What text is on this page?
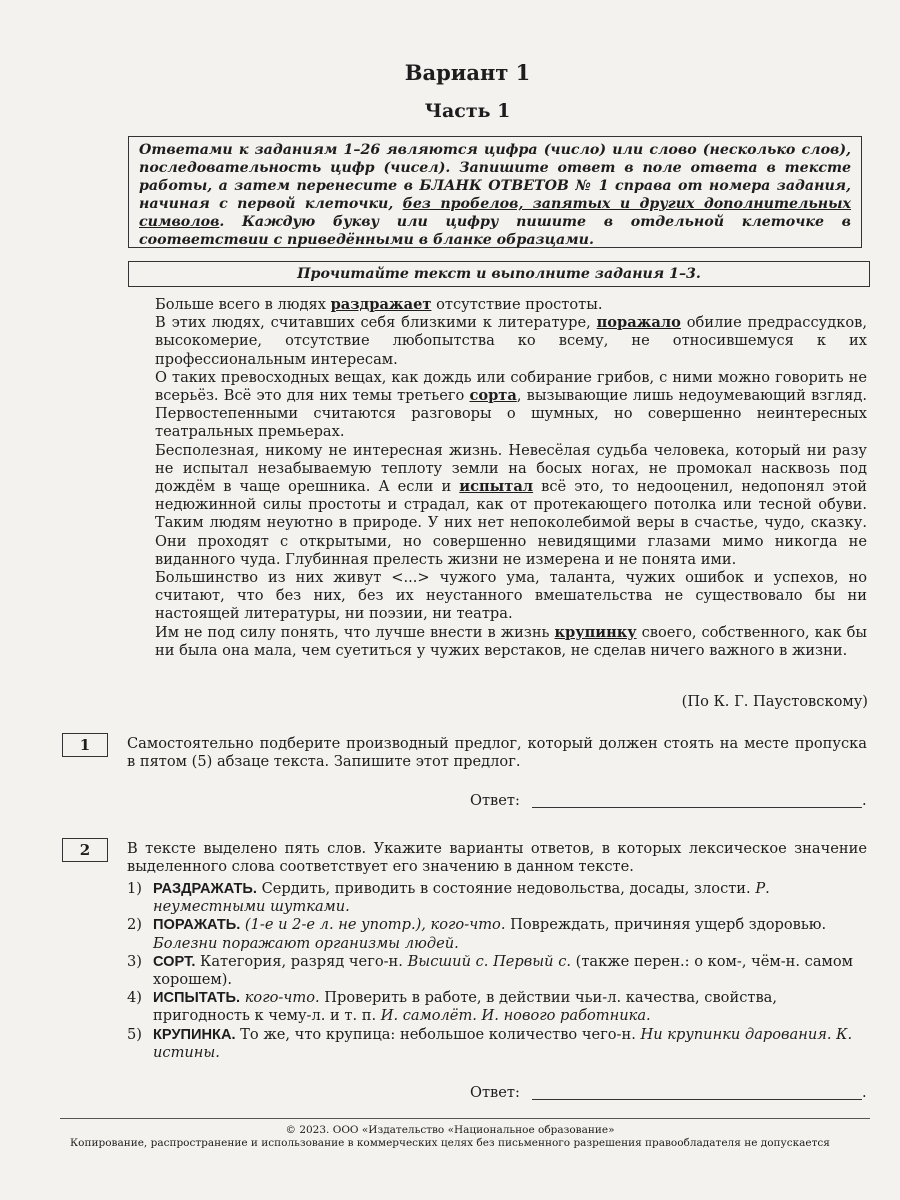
Вариант 1
Часть 1
Ответами к заданиям 1–26 являются цифра (число) или слово (несколько слов), последовательность цифр (чисел). Запишите ответ в поле ответа в тексте работы, а затем перенесите в БЛАНК ОТВЕТОВ № 1 справа от номера задания, начиная с первой клеточки, без пробелов, запятых и других дополнительных символов. Каждую букву или цифру пишите в отдельной клеточке в соответствии с приведёнными в бланке образцами.
Прочитайте текст и выполните задания 1–3.

Больше всего в людях раздражает отсутствие простоты.

В этих людях, считавших себя близкими к литературе, поражало обилие предрассудков, высокомерие, отсутствие любопытства ко всему, не относившемуся к их профессиональным интересам.

О таких превосходных вещах, как дождь или собирание грибов, с ними можно говорить не всерьёз. Всё это для них темы третьего сорта, вызывающие лишь недоумевающий взгляд. Первостепенными считаются разговоры о шумных, но совершенно неинтересных театральных премьерах.

Бесполезная, никому не интересная жизнь. Невесёлая судьба человека, который ни разу не испытал незабываемую теплоту земли на босых ногах, не промокал насквозь под дождём в чаще орешника. А если и испытал всё это, то недооценил, недопонял этой недюжинной силы простоты и страдал, как от протекающего потолка или тесной обуви. Таким людям неуютно в природе. У них нет непоколебимой веры в счастье, чудо, сказку. Они проходят с открытыми, но совершенно невидящими глазами мимо никогда не виданного чуда. Глубинная прелесть жизни не измерена и не понята ими.

Большинство из них живут <...> чужого ума, таланта, чужих ошибок и успехов, но считают, что без них, без их неустанного вмешательства не существовало бы ни настоящей литературы, ни поэзии, ни театра.

Им не под силу понять, что лучше внести в жизнь крупинку своего, собственного, как бы ни была она мала, чем суетиться у чужих верстаков, не сделав ничего важного в жизни.

(По К. Г. Паустовскому)
1	Самостоятельно подберите производный предлог, который должен стоять на месте пропуска в пятом (5) абзаце текста. Запишите этот предлог.
Ответ:	.
2	В тексте выделено пять слов. Укажите варианты ответов, в которых лексическое значение выделенного слова соответствует его значению в данном тексте.
1) РАЗДРАЖАТЬ. Сердить, приводить в состояние недовольства, досады, злости. Р. неуместными шутками.
2) ПОРАЖАТЬ. (1-е и 2-е л. не употр.), кого-что. Повреждать, причиняя ущерб здоровью. Болезни поражают организмы людей.
3) СОРТ. Категория, разряд чего-н. Высший с. Первый с. (также перен.: о ком-, чём-н. самом хорошем).
4) ИСПЫТАТЬ. кого-что. Проверить в работе, в действии чьи-л. качества, свойства, пригодность к чему-л. и т. п. И. самолёт. И. нового работника.
5) КРУПИНКА. То же, что крупица: небольшое количество чего-н. Ни крупинки дарования. К. истины.
Ответ:	.
© 2023. ООО «Издательство «Национальное образование»
Копирование, распространение и использование в коммерческих целях без письменного разрешения правообладателя не допускается
